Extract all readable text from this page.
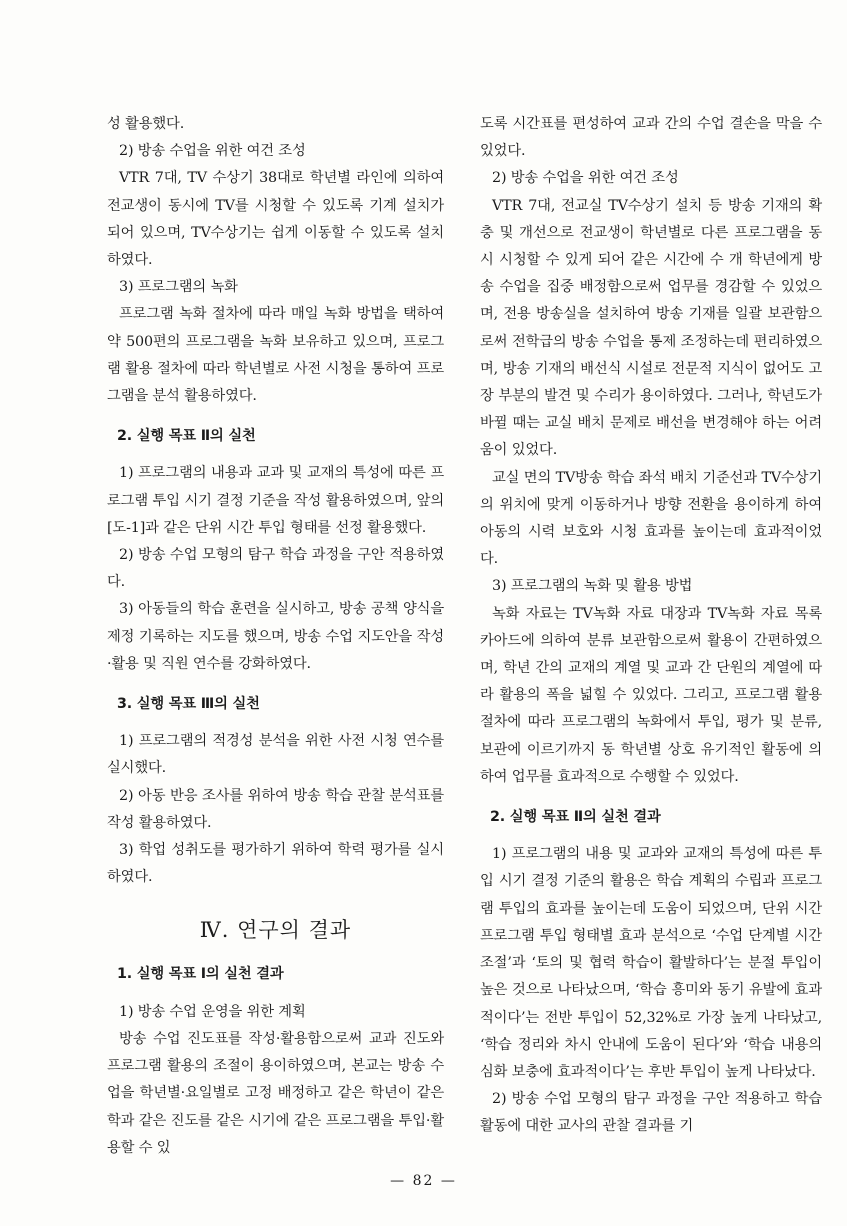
성 활용했다.

2) 방송 수업을 위한 여건 조성

VTR 7대, TV 수상기 38대로 학년별 라인에 의하여 전교생이 동시에 TV를 시청할 수 있도록 기계 설치가 되어 있으며, TV수상기는 쉽게 이동할 수 있도록 설치하였다.

3) 프로그램의 녹화

프로그램 녹화 절차에 따라 매일 녹화 방법을 택하여 약 500편의 프로그램을 녹화 보유하고 있으며, 프로그램 활용 절차에 따라 학년별로 사전 시청을 통하여 프로그램을 분석 활용하였다.

2. 실행 목표 Ⅱ의 실천

1) 프로그램의 내용과 교과 및 교재의 특성에 따른 프로그램 투입 시기 결정 기준을 작성 활용하였으며, 앞의 [도-1]과 같은 단위 시간 투입 형태를 선정 활용했다.

2) 방송 수업 모형의 탐구 학습 과정을 구안 적용하였다.

3) 아동들의 학습 훈련을 실시하고, 방송 공책 양식을 제정 기록하는 지도를 했으며, 방송 수업 지도안을 작성·활용 및 직원 연수를 강화하였다.

3. 실행 목표 Ⅲ의 실천

1) 프로그램의 적경성 분석을 위한 사전 시청 연수를 실시했다.

2) 아동 반응 조사를 위하여 방송 학습 관찰 분석표를 작성 활용하였다.

3) 학업 성취도를 평가하기 위하여 학력 평가를 실시하였다.

Ⅳ. 연구의 결과
1. 실행 목표 Ⅰ의 실천 결과

1) 방송 수업 운영을 위한 계획

방송 수업 진도표를 작성·활용함으로써 교과 진도와 프로그램 활용의 조절이 용이하였으며, 본교는 방송 수업을 학년별·요일별로 고정 배정하고 같은 학년이 같은 학과 같은 진도를 같은 시기에 같은 프로그램을 투입·활용할 수 있

도록 시간표를 편성하여 교과 간의 수업 결손을 막을 수 있었다.

2) 방송 수업을 위한 여건 조성

VTR 7대, 전교실 TV수상기 설치 등 방송 기재의 확충 및 개선으로 전교생이 학년별로 다른 프로그램을 동시 시청할 수 있게 되어 같은 시간에 수 개 학년에게 방송 수업을 집중 배정함으로써 업무를 경감할 수 있었으며, 전용 방송실을 설치하여 방송 기재를 일괄 보관함으로써 전학급의 방송 수업을 통제 조정하는데 편리하였으며, 방송 기재의 배선식 시설로 전문적 지식이 없어도 고장 부분의 발견 및 수리가 용이하였다. 그러나, 학년도가 바뀔 때는 교실 배치 문제로 배선을 변경해야 하는 어려움이 있었다.

교실 면의 TV방송 학습 좌석 배치 기준선과 TV수상기의 위치에 맞게 이동하거나 방향 전환을 용이하게 하여 아동의 시력 보호와 시청 효과를 높이는데 효과적이었다.

3) 프로그램의 녹화 및 활용 방법

녹화 자료는 TV녹화 자료 대장과 TV녹화 자료 목록 카아드에 의하여 분류 보관함으로써 활용이 간편하였으며, 학년 간의 교재의 계열 및 교과 간 단원의 계열에 따라 활용의 폭을 넓힐 수 있었다. 그리고, 프로그램 활용 절차에 따라 프로그램의 녹화에서 투입, 평가 및 분류, 보관에 이르기까지 동 학년별 상호 유기적인 활동에 의하여 업무를 효과적으로 수행할 수 있었다.

2. 실행 목표 Ⅱ의 실천 결과

1) 프로그램의 내용 및 교과와 교재의 특성에 따른 투입 시기 결정 기준의 활용은 학습 계획의 수립과 프로그램 투입의 효과를 높이는데 도움이 되었으며, 단위 시간 프로그램 투입 형태별 효과 분석으로 ‘수업 단계별 시간 조절’과 ‘토의 및 협력 학습이 활발하다’는 분절 투입이 높은 것으로 나타났으며, ‘학습 흥미와 동기 유발에 효과적이다’는 전반 투입이 52,32%로 가장 높게 나타났고, ‘학습 정리와 차시 안내에 도움이 된다’와 ‘학습 내용의 심화 보충에 효과적이다’는 후반 투입이 높게 나타났다.

2) 방송 수업 모형의 탐구 과정을 구안 적용하고 학습 활동에 대한 교사의 관찰 결과를 기

— 82 —
